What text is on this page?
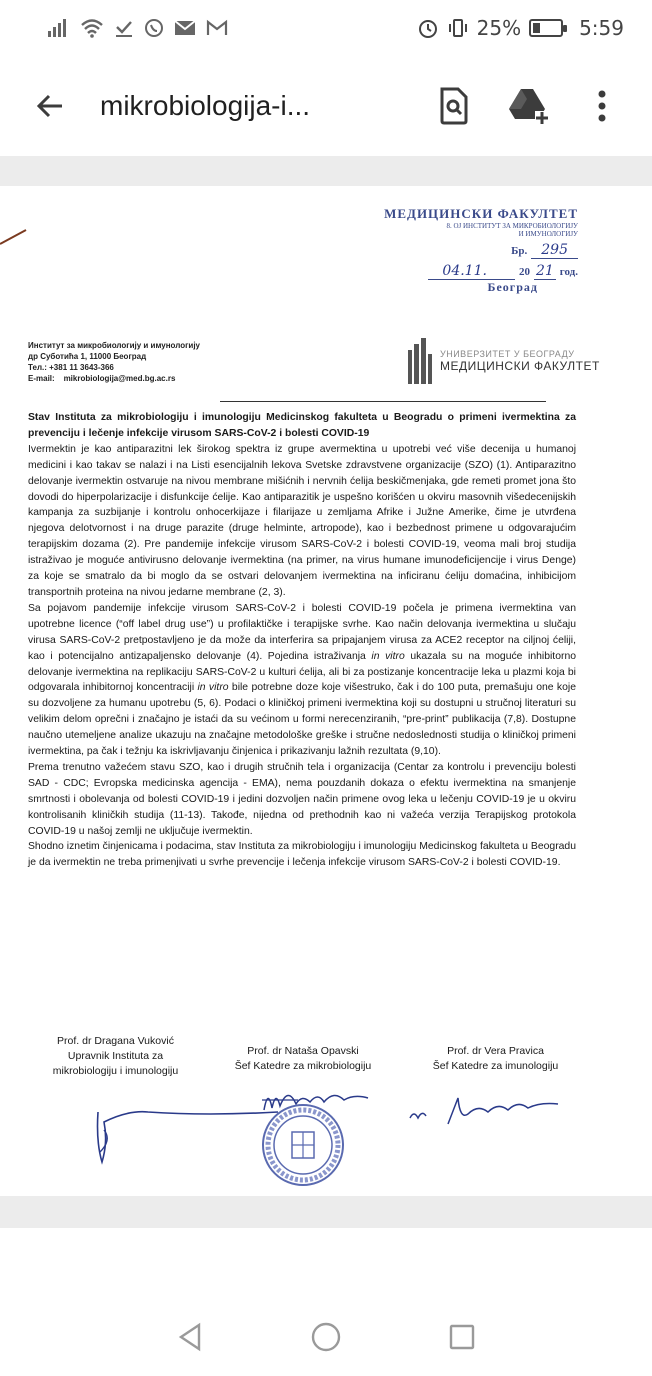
25%	5:59
mikrobiologija-i...
МЕДИЦИНСКИ ФАКУЛТЕТ
8. ОЈ ИНСТИТУТ ЗА МИКРОБИОЛОГИЈУ
И ИМУНОЛОГИЈУ
Бр.	295
04.11.	20 21 год.
Београд
Институт за микробиологију и имунологију
др Суботића 1, 11000 Београд
Тел.: +381 11 3643-366
E-mail:    mikrobiologija@med.bg.ac.rs
УНИВЕРЗИТЕТ У БЕОГРАДУ
МЕДИЦИНСКИ ФАКУЛТЕТ

Stav Instituta za mikrobiologiju i imunologiju Medicinskog fakulteta u Beogradu o primeni ivermektina za prevenciju i lečenje infekcije virusom SARS-CoV-2 i bolesti COVID-19

Ivermektin je kao antiparazitni lek širokog spektra iz grupe avermektina u upotrebi već više decenija u humanoj medicini i kao takav se nalazi i na Listi esencijalnih lekova Svetske zdravstvene organizacije (SZO) (1). Antiparazitno delovanje ivermektin ostvaruje na nivou membrane mišićnih i nervnih ćelija beskičmenjaka, gde remeti promet jona što dovodi do hiperpolarizacije i disfunkcije ćelije. Kao antiparazitik je uspešno korišćen u okviru masovnih višedecenijskih kampanja za suzbijanje i kontrolu onhocerkijaze i filarijaze u zemljama Afrike i Južne Amerike, čime je utvrđena njegova delotvornost i na druge parazite (druge helminte, artropode), kao i bezbednost primene u odgovarajućim terapijskim dozama (2). Pre pandemije infekcije virusom SARS-CoV-2 i bolesti COVID-19, veoma mali broj studija istraživao je moguće antivirusno delovanje ivermektina (na primer, na virus humane imunodeficijencije i virus Denge) za koje se smatralo da bi moglo da se ostvari delovanjem ivermektina na inficiranu ćeliju domaćina, inhibicijom transportnih proteina na nivou jedarne membrane (2, 3).

Sa pojavom pandemije infekcije virusom SARS-CoV-2 i bolesti COVID-19 počela je primena ivermektina van upotrebne licence (“off label drug use”) u profilaktičke i terapijske svrhe. Kao način delovanja ivermektina u slučaju virusa SARS-CoV-2 pretpostavljeno je da može da interferira sa pripajanjem virusa za ACE2 receptor na ciljnoj ćeliji, kao i potencijalno antizapaljensko delovanje (4). Pojedina istraživanja in vitro ukazala su na moguće inhibitorno delovanje ivermektina na replikaciju SARS-CoV-2 u kulturi ćelija, ali bi za postizanje koncentracije leka u plazmi koja bi odgovarala inhibitornoj koncentraciji in vitro bile potrebne doze koje višestruko, čak i do 100 puta, premašuju one koje su dozvoljene za humanu upotrebu (5, 6). Podaci o kliničkoj primeni ivermektina koji su dostupni u stručnoj literaturi su velikim delom oprečni i značajno je istaći da su većinom u formi nerecenziranih, “pre-print” publikacija (7,8). Dostupne naučno utemeljene analize ukazuju na značajne metodološke greške i stručne nedoslednosti studija o kliničkoj primeni ivermektina, pa čak i težnju ka iskrivljavanju činjenica i prikazivanju lažnih rezultata (9,10).

Prema trenutno važećem stavu SZO, kao i drugih stručnih tela i organizacija (Centar za kontrolu i prevenciju bolesti SAD - CDC; Evropska medicinska agencija - EMA), nema pouzdanih dokaza o efektu ivermektina na smanjenje smrtnosti i obolevanja od bolesti COVID-19 i jedini dozvoljen način primene ovog leka u lečenju COVID-19 je u okviru kontrolisanih kliničkih studija (11-13). Takođe, nijedna od prethodnih kao ni važeća verzija Terapijskog protokola COVID-19 u našoj zemlji ne uključuje ivermektin.

Shodno iznetim činjenicama i podacima, stav Instituta za mikrobiologiju i imunologiju Medicinskog fakulteta u Beogradu je da ivermektin ne treba primenjivati u svrhe prevencije i lečenja infekcije virusom SARS-CoV-2 i bolesti COVID-19.

Prof. dr Dragana Vuković
Upravnik Instituta za
mikrobiologiju i imunologiju
Prof. dr Nataša Opavski
Šef Katedre za mikrobiologiju
Prof. dr Vera Pravica
Šef Katedre za imunologiju
